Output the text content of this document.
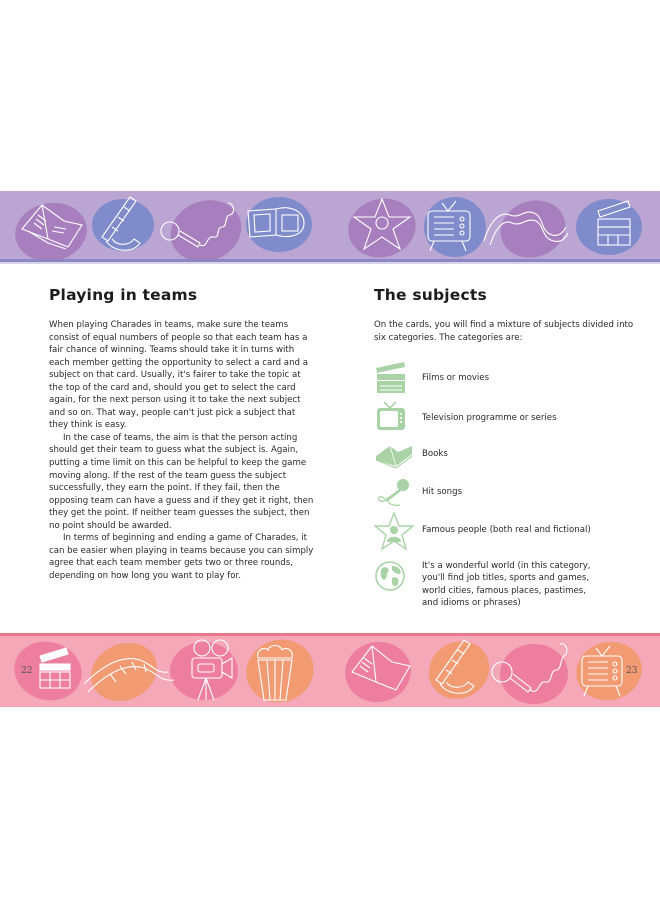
Playing in teams

When playing Charades in teams, make sure the teams consist of equal numbers of people so that each team has a fair chance of winning. Teams should take it in turns with each member getting the opportunity to select a card and a subject on that card. Usually, it's fairer to take the topic at the top of the card and, should you get to select the card again, for the next person using it to take the next subject and so on. That way, people can't just pick a subject that they think is easy.

In the case of teams, the aim is that the person acting should get their team to guess what the subject is. Again, putting a time limit on this can be helpful to keep the game moving along. If the rest of the team guess the subject successfully, they earn the point. If they fail, then the opposing team can have a guess and if they get it right, then they get the point. If neither team guesses the subject, then no point should be awarded.

In terms of beginning and ending a game of Charades, it can be easier when playing in teams because you can simply agree that each team member gets two or three rounds, depending on how long you want to play for.

The subjects
On the cards, you will find a mixture of subjects divided into six categories. The categories are:
Films or movies
Television programme or series
Books
Hit songs
Famous people (both real and fictional)
It's a wonderful world (in this category, you'll find job titles, sports and games, world cities, famous places, pastimes, and idioms or phrases)
22	23
